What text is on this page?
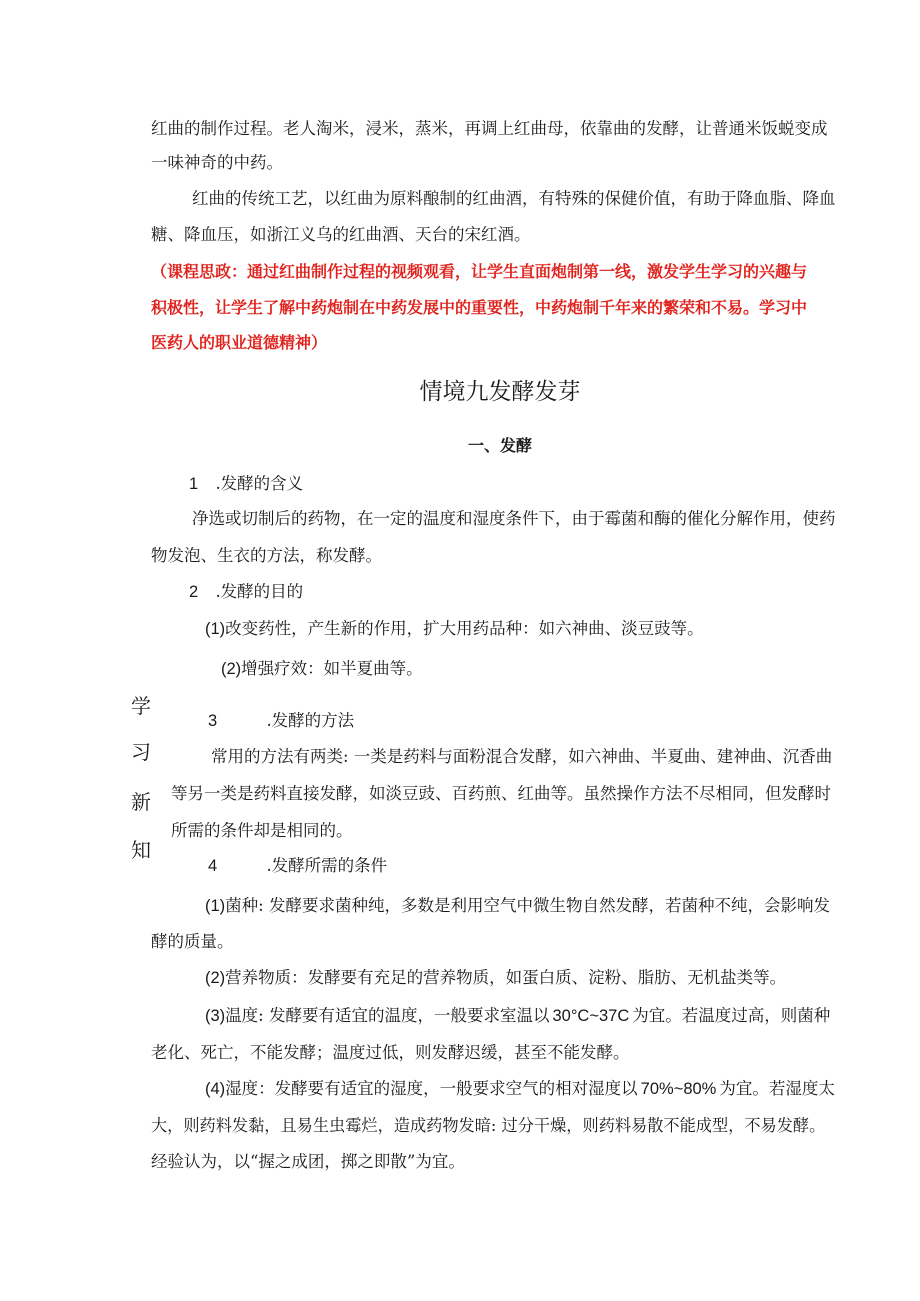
红曲的制作过程。老人淘米，浸米，蒸米，再调上红曲母，依靠曲的发酵，让普通米饭蜕变成

一味神奇的中药。

红曲的传统工艺，以红曲为原料酿制的红曲酒，有特殊的保健价值，有助于降血脂、降血

糖、降血压，如浙江义乌的红曲酒、天台的宋红酒。

（课程思政：通过红曲制作过程的视频观看，让学生直面炮制第一线，激发学生学习的兴趣与

积极性，让学生了解中药炮制在中药发展中的重要性，中药炮制千年来的繁荣和不易。学习中

医药人的职业道德精神）

情境九发酵发芽
一、发酵
学
习
新
知

1 .发酵的含义

净选或切制后的药物，在一定的温度和湿度条件下，由于霉菌和酶的催化分解作用，使药

物发泡、生衣的方法，称发酵。

2 .发酵的目的

(1)改变药性，产生新的作用，扩大用药品种：如六神曲、淡豆豉等。

(2)增强疗效：如半夏曲等。

3	.发酵的方法

常用的方法有两类: 一类是药料与面粉混合发酵，如六神曲、半夏曲、建神曲、沉香曲

等另一类是药料直接发酵，如淡豆豉、百药煎、红曲等。虽然操作方法不尽相同，但发酵时

所需的条件却是相同的。

4	.发酵所需的条件

(1)菌种: 发酵要求菌种纯，多数是利用空气中微生物自然发酵，若菌种不纯，会影响发

酵的质量。

(2)营养物质：发酵要有充足的营养物质，如蛋白质、淀粉、脂肪、无机盐类等。

(3)温度: 发酵要有适宜的温度，一般要求室温以 30°C~37C 为宜。若温度过高，则菌种

老化、死亡，不能发酵；温度过低，则发酵迟缓，甚至不能发酵。

(4)湿度：发酵要有适宜的湿度，一般要求空气的相对湿度以 70%~80% 为宜。若湿度太

大，则药料发黏，且易生虫霉烂，造成药物发暗: 过分干燥，则药料易散不能成型，不易发酵。

经验认为，以“握之成团，掷之即散”为宜。
